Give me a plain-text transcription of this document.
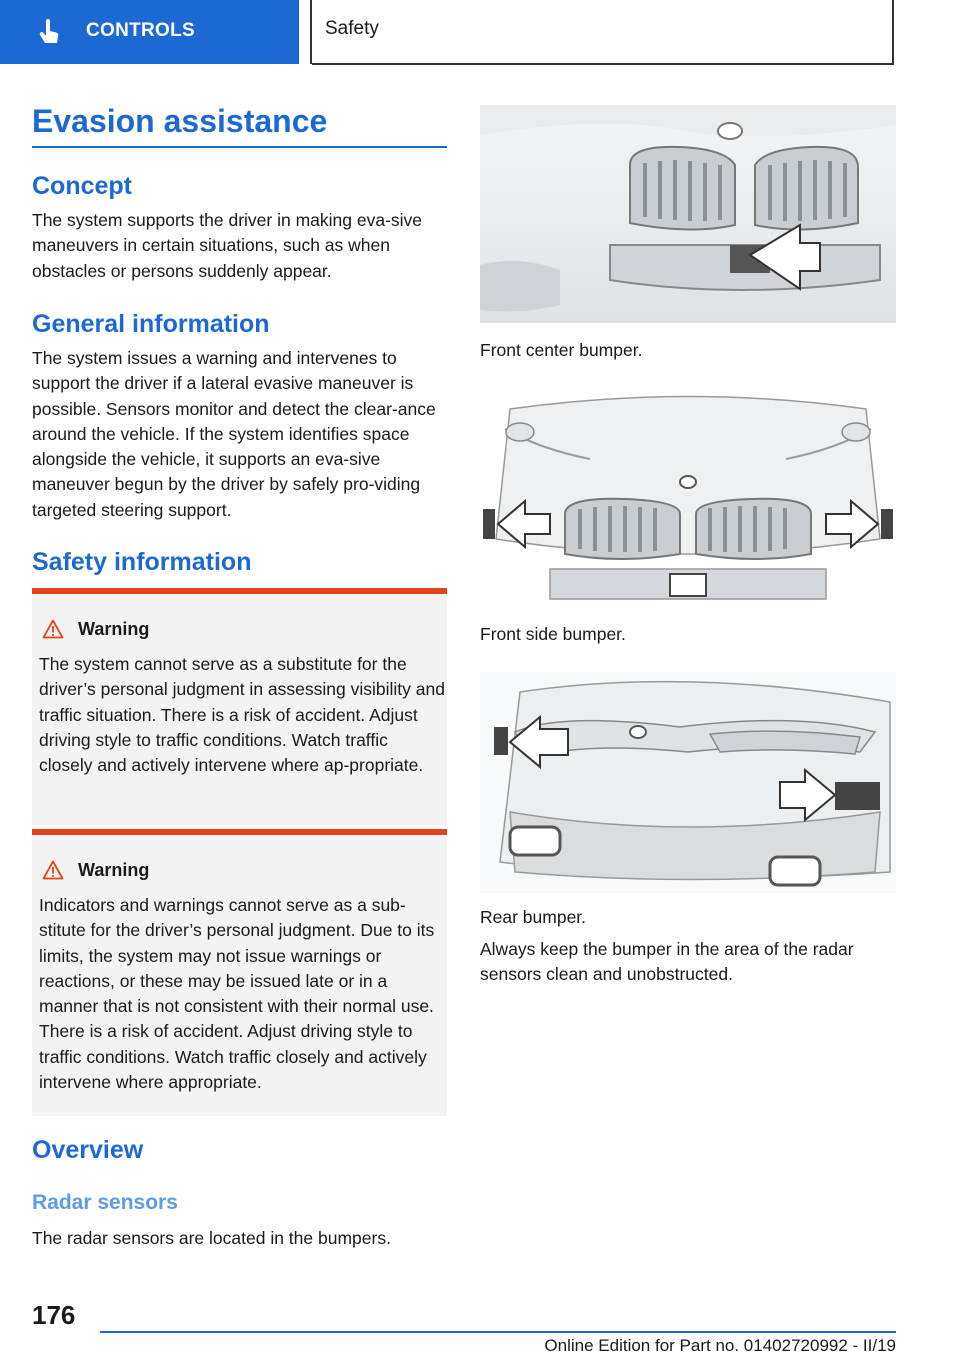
CONTROLS	Safety
Evasion assistance
Concept

The system supports the driver in making eva-sive maneuvers in certain situations, such as when obstacles or persons suddenly appear.

General information

The system issues a warning and intervenes to support the driver if a lateral evasive maneuver is possible. Sensors monitor and detect the clear-ance around the vehicle. If the system identifies space alongside the vehicle, it supports an eva-sive maneuver begun by the driver by safely pro-viding targeted steering support.

Safety information
Warning

The system cannot serve as a substitute for the driver’s personal judgment in assessing visibility and traffic situation. There is a risk of accident. Adjust driving style to traffic conditions. Watch traffic closely and actively intervene where ap-propriate.

Warning

Indicators and warnings cannot serve as a sub-stitute for the driver’s personal judgment. Due to its limits, the system may not issue warnings or reactions, or these may be issued late or in a manner that is not consistent with their normal use. There is a risk of accident. Adjust driving style to traffic conditions. Watch traffic closely and actively intervene where appropriate.

Overview
Radar sensors

The radar sensors are located in the bumpers.

Front center bumper.

Front side bumper.

Rear bumper.

Always keep the bumper in the area of the radar sensors clean and unobstructed.

176
Online Edition for Part no. 01402720992 - II/19
